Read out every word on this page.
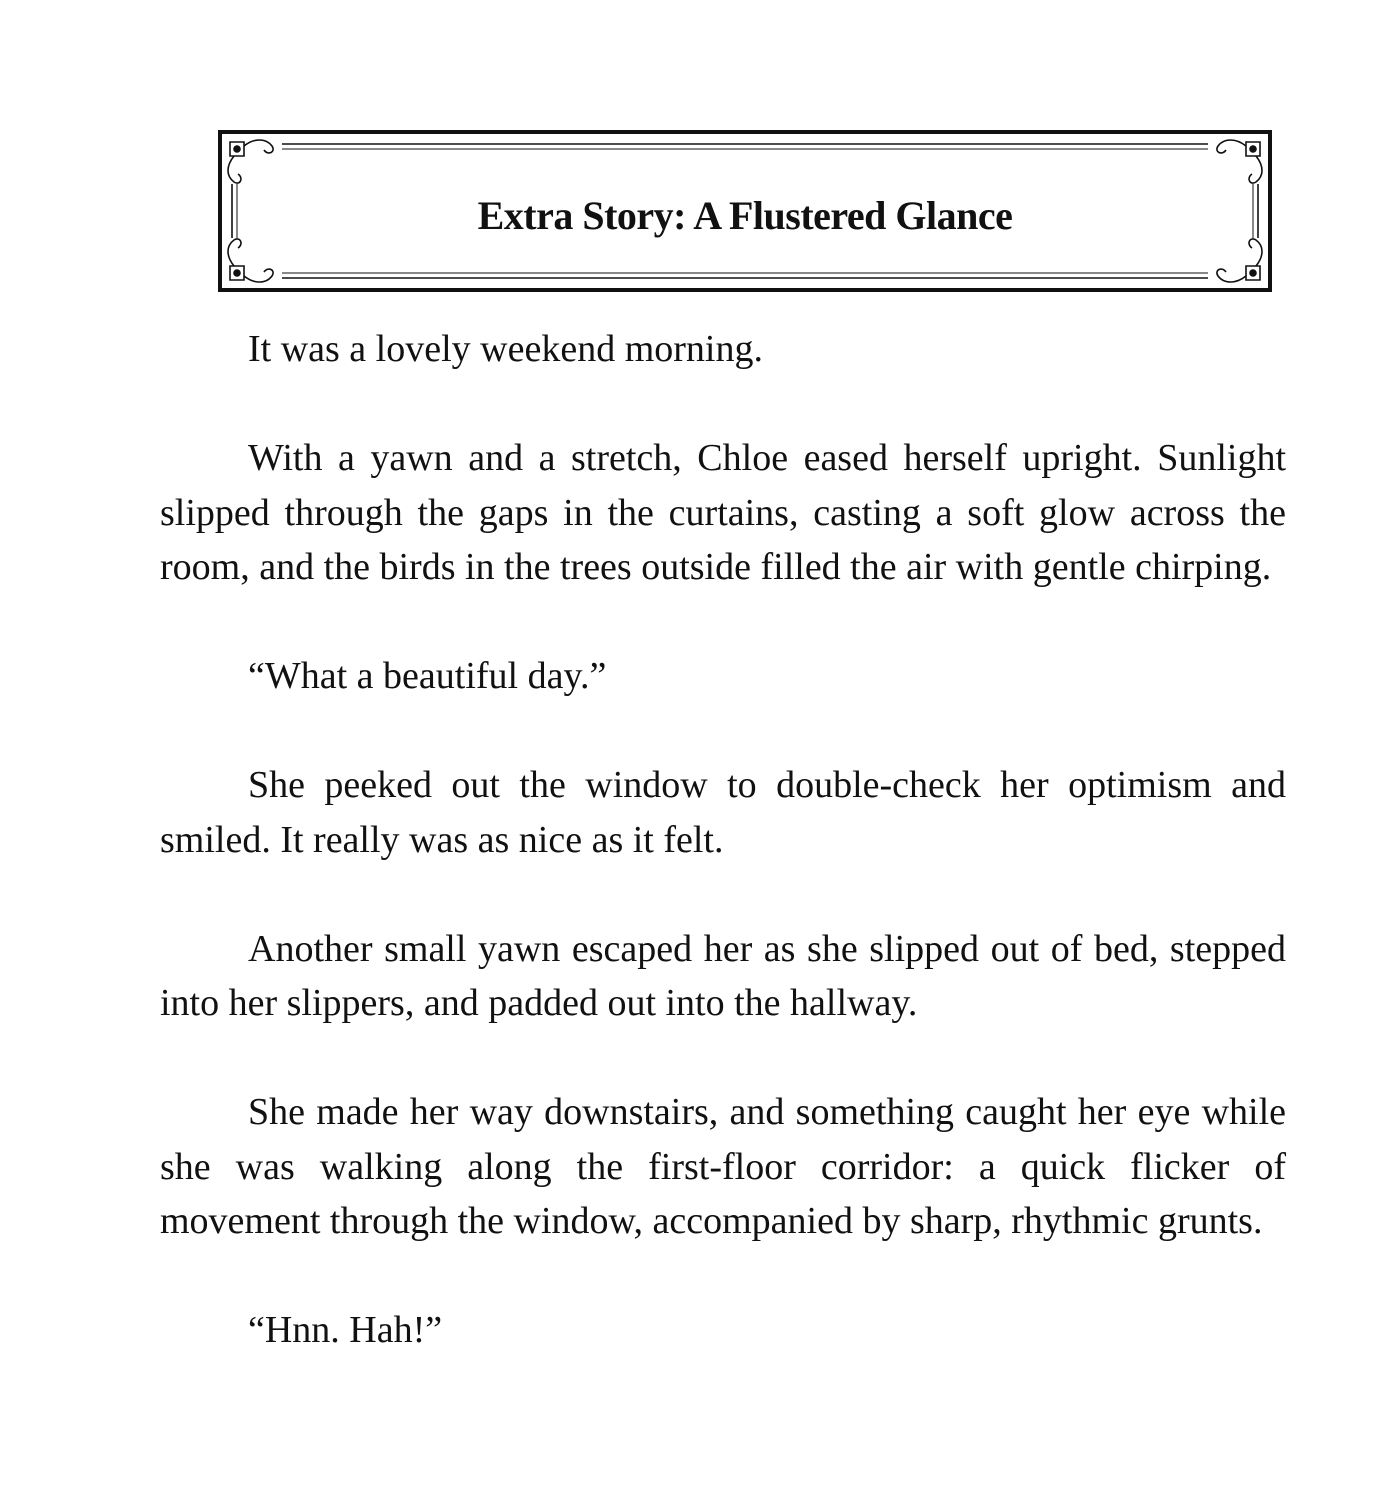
Extra Story: A Flustered Glance

It was a lovely weekend morning.

With a yawn and a stretch, Chloe eased herself upright. Sunlight slipped through the gaps in the curtains, casting a soft glow across the room, and the birds in the trees outside filled the air with gentle chirping.

“What a beautiful day.”

She peeked out the window to double-check her optimism and smiled. It really was as nice as it felt.

Another small yawn escaped her as she slipped out of bed, stepped into her slippers, and padded out into the hallway.

She made her way downstairs, and something caught her eye while she was walking along the first-floor corridor: a quick flicker of movement through the window, accompanied by sharp, rhythmic grunts.

“Hnn. Hah!”
